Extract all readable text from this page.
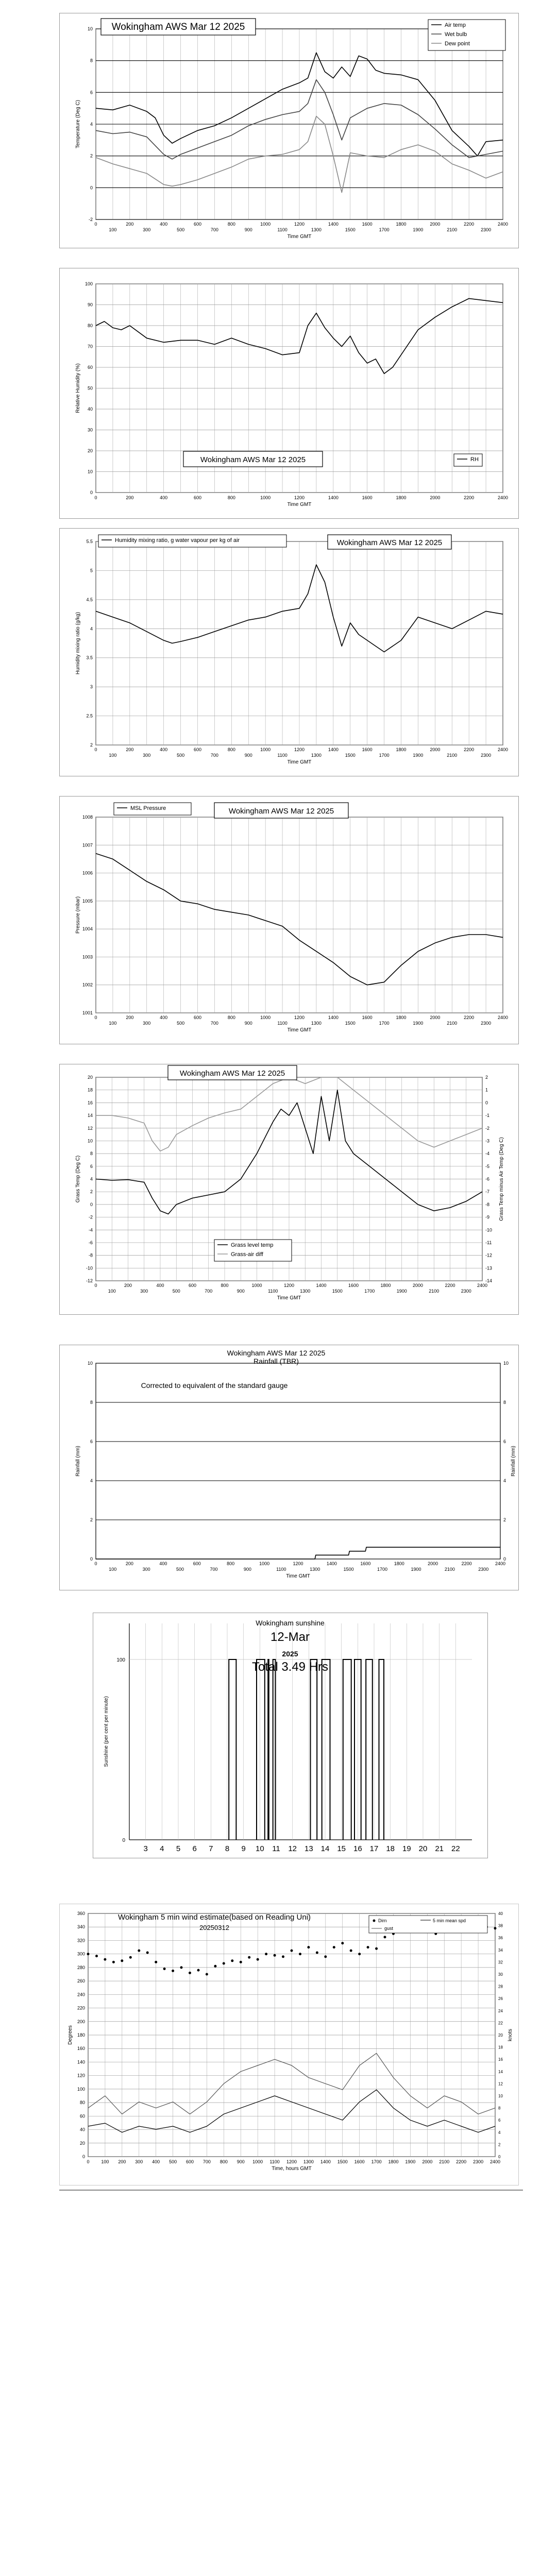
-2
0
2
4
6
8
10
0	200	400	600	800	1000	1200	1400	1600	1800	2000	2200	2400
100	300	500	700	900	1100	1300	1500	1700	1900	2100	2300
Time GMT
Temperature (Deg C)
Wokingham AWS Mar 12 2025	Air temp
Wet bulb
Dew point
0
10
20
30
40
50
60
70
80
90
100
0	200	400	600	800	1000	1200	1400	1600	1800	2000	2200	2400
Time GMT
Relative Humidity (%)
Wokingham AWS Mar 12 2025	RH
2
2.5
3
3.5
4
4.5
5
5.5
0	200	400	600	800	1000	1200	1400	1600	1800	2000	2200	2400
100	300	500	700	900	1100	1300	1500	1700	1900	2100	2300
Time GMT
Humidity mixing ratio (g/kg)
Humidity mixing ratio, g water vapour per kg of air	Wokingham AWS Mar 12 2025
1001
1002
1003
1004
1005
1006
1007
1008
0	200	400	600	800	1000	1200	1400	1600	1800	2000	2200	2400
100	300	500	700	900	1100	1300	1500	1700	1900	2100	2300
Time GMT
Pressure (mbar)
MSL Pressure	Wokingham AWS Mar 12 2025
-12
-10
-8
-6
-4
-2
0
2
4
6
8
10
12
14
16
18
20
-14
-13
-12
-11
-10
-9
-8
-7
-6
-5
-4
-3
-2
-1
0
1
2
Grass Temp minus Air Temp (Deg C)
0	200	400	600	800	1000	1200	1400	1600	1800	2000	2200	2400
100	300	500	700	900	1100	1300	1500	1700	1900	2100	2300
Time GMT
Grass Temp (Deg C)
Wokingham AWS Mar 12 2025
Grass level temp
Grass-air diff
0
2
4
6
8
10
0
2
4
6
8
10
Rainfall (mm)
0	200	400	600	800	1000	1200	1400	1600	1800	2000	2200	2400
100	300	500	700	900	1100	1300	1500	1700	1900	2100	2300
Time GMT
Rainfall (mm)
Wokingham AWS Mar 12 2025
Rainfall (TBR)
Corrected to equivalent of the standard gauge
0
100
3 4 5 6 7 8 9 10 11 12 13 14 15 16 17 18 19 20 21 22
Sunshine (per cent per minute)
Wokingham sunshine
12-Mar
2025
Total 3.49 Hrs
0
20
40
60
80
100
120
140
160
180
200
220
240
260
280
300
320
340
360
0
2
4
6
8
10
12
14
16
18
20
22
24
26
28
30
32
34
36
38
40
knots
0	100 200 300 400 500 600 700 800 900 1000 1100 1200 1300 1400 1500 1600 1700 1800 1900 2000 2100 2200 2300 2400
Time, hours GMT
Degrees
Wokingham 5 min wind estimate(based on Reading Uni)
20250312
Dirn	5 min mean spd
gust
